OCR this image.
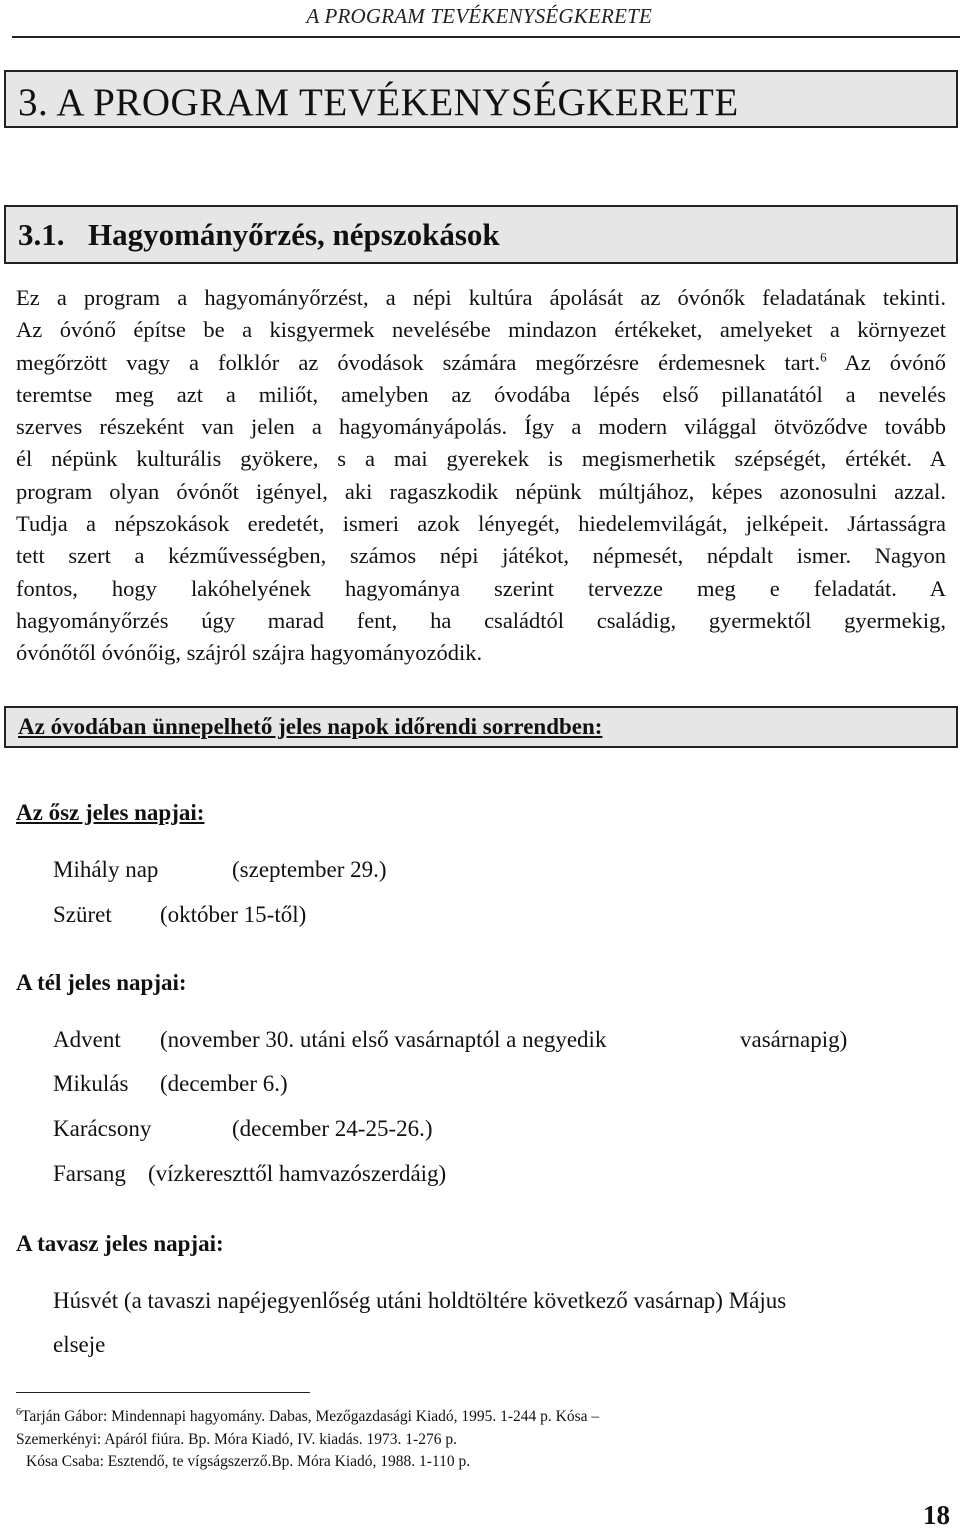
A PROGRAM TEVÉKENYSÉGKERETE
3. A PROGRAM TEVÉKENYSÉGKERETE
3.1. Hagyományőrzés, népszokások
Ez a program a hagyományőrzést, a népi kultúra ápolását az óvónők feladatának tekinti.
Az óvónő építse be a kisgyermek nevelésébe mindazon értékeket, amelyeket a környezet
megőrzött vagy a folklór az óvodások számára megőrzésre érdemesnek tart.$^6$ Az óvónő
teremtse meg azt a miliőt, amelyben az óvodába lépés első pillanatától a nevelés
szerves részeként van jelen a hagyományápolás. Így a modern világgal ötvöződve tovább
él népünk kulturális gyökere, s a mai gyerekek is megismerhetik szépségét, értékét. A
program olyan óvónőt igényel, aki ragaszkodik népünk múltjához, képes azonosulni azzal.
Tudja a népszokások eredetét, ismeri azok lényegét, hiedelemvilágát, jelképeit. Jártasságra
tett szert a kézművességben, számos népi játékot, népmesét, népdalt ismer. Nagyon
fontos, hogy lakóhelyének hagyománya szerint tervezze meg e feladatát. A
hagyományőrzés úgy marad fent, ha családtól családig, gyermektől gyermekig,
óvónőtől óvónőig, szájról szájra hagyományozódik.
Az óvodában ünnepelhető jeles napok időrendi sorrendben:
Az ősz jeles napjai:
Mihály nap	(szeptember 29.)
Szüret (október 15-től)
A tél jeles napjai:
Advent (november 30. utáni első vasárnaptól a negyedik	vasárnapig)
Mikulás (december 6.)
Karácsony	(december 24-25-26.)
Farsang (vízkereszttől hamvazószerdáig)
A tavasz jeles napjai:
Húsvét (a tavaszi napéjegyenlőség utáni holdtöltére következő vasárnap) Május
elseje
$^6$Tarján Gábor: Mindennapi hagyomány. Dabas, Mezőgazdasági Kiadó, 1995. 1-244 p. Kósa –
Szemerkényi: Apáról fiúra. Bp. Móra Kiadó, IV. kiadás. 1973. 1-276 p.
Kósa Csaba: Esztendő, te vígságszerző.Bp. Móra Kiadó, 1988. 1-110 p.
18
